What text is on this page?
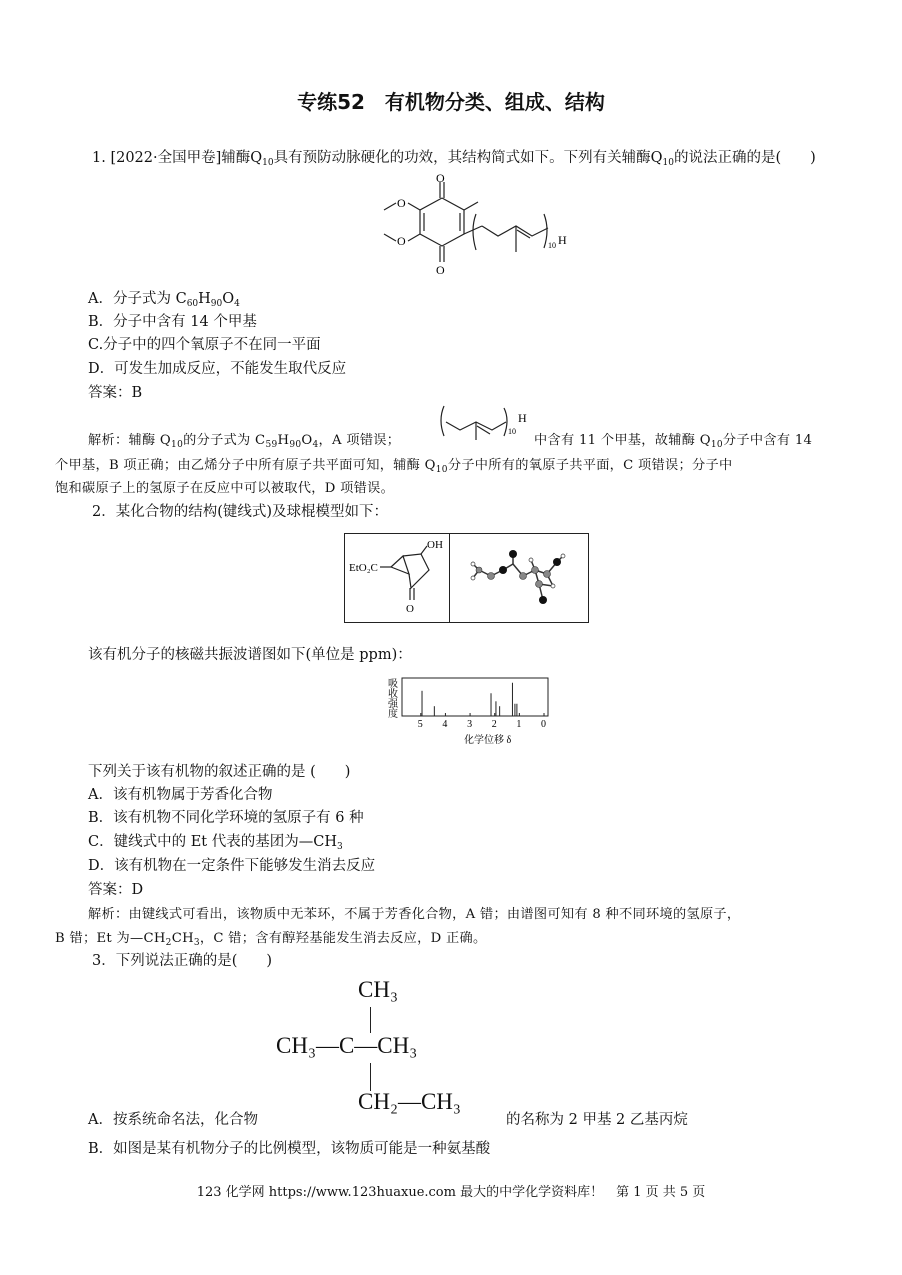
专练52　有机物分类、组成、结构
1. [2022·全国甲卷]辅酶$Q_{10}$具有预防动脉硬化的功效，其结构简式如下。下列有关辅酶$Q_{10}$的说法正确的是(　　)
O
O
O
O	10 H
A．分子式为 $C_{60}H_{90}O_4$
B．分子中含有 14 个甲基
C.分子中的四个氧原子不在同一平面
D．可发生加成反应，不能发生取代反应
答案：B
解析：辅酶 $Q_{10}$的分子式为 $C_{59}H_{90}O_4$，A 项错误；
10
H
中含有 11 个甲基，故辅酶 $Q_{10}$分子中含有 14
个甲基，B 项正确；由乙烯分子中所有原子共平面可知，辅酶 $Q_{10}$分子中所有的氧原子共平面，C 项错误；分子中
饱和碳原子上的氢原子在反应中可以被取代，D 项错误。
2．某化合物的结构(键线式)及球棍模型如下：
EtO₂C
OH
O
该有机分子的核磁共振波谱图如下(单位是 ppm)：
吸
收
强
度
5 4 3 2 1 0
化学位移 δ
下列关于该有机物的叙述正确的是 (　　)
A．该有机物属于芳香化合物
B．该有机物不同化学环境的氢原子有 6 种
C．键线式中的 Et 代表的基团为$—CH_3$
D．该有机物在一定条件下能够发生消去反应
答案：D
解析：由键线式可看出，该物质中无苯环，不属于芳香化合物，A 错；由谱图可知有 8 种不同环境的氢原子，
B 错；Et 为$—CH_2CH_3$，C 错；含有醇羟基能发生消去反应，D 正确。
3．下列说法正确的是(　　)
CH₃
CH₃—C—CH₃
CH₂—CH₃
A．按系统命名法，化合物	的名称为 2 甲基 2 乙基丙烷
B．如图是某有机物分子的比例模型，该物质可能是一种氨基酸
123 化学网 https://www.123huaxue.com 最大的中学化学资料库！　第 1 页 共 5 页
